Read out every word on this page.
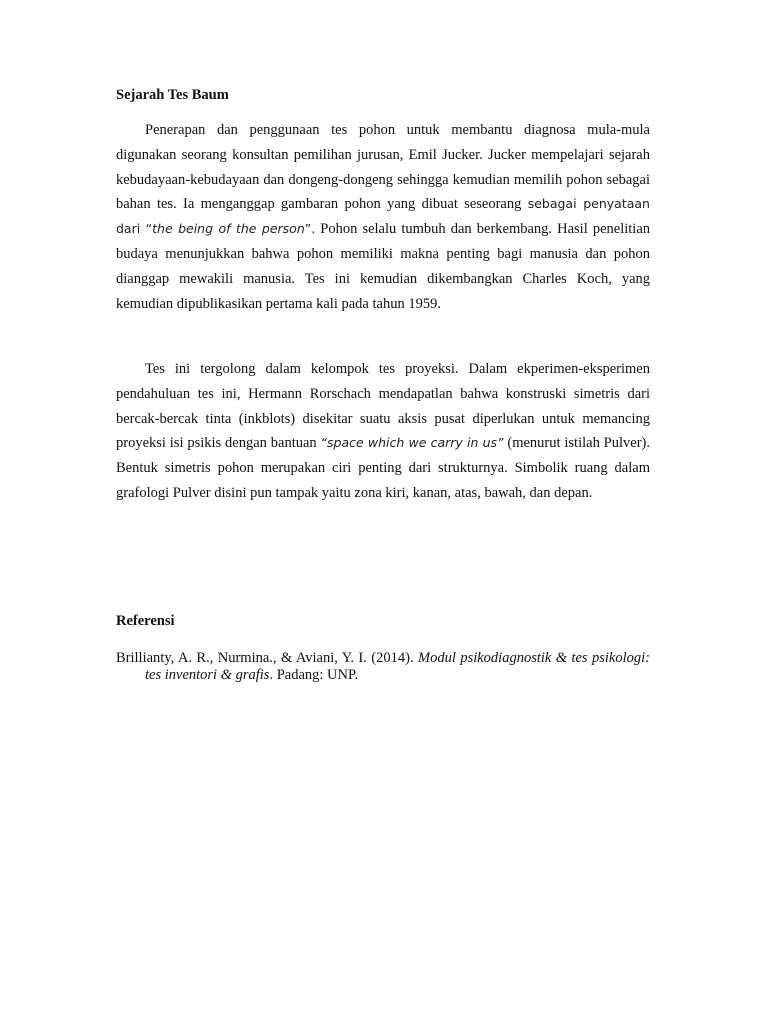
Sejarah Tes Baum

Penerapan dan penggunaan tes pohon untuk membantu diagnosa mula-mula digunakan seorang konsultan pemilihan jurusan, Emil Jucker. Jucker mempelajari sejarah kebudayaan-kebudayaan dan dongeng-dongeng sehingga kemudian memilih pohon sebagai bahan tes. Ia menganggap gambaran pohon yang dibuat seseorang sebagai penyataan dari “the being of the person”. Pohon selalu tumbuh dan berkembang. Hasil penelitian budaya menunjukkan bahwa pohon memiliki makna penting bagi manusia dan pohon dianggap mewakili manusia. Tes ini kemudian dikembangkan Charles Koch, yang kemudian dipublikasikan pertama kali pada tahun 1959.

Tes ini tergolong dalam kelompok tes proyeksi. Dalam ekperimen-eksperimen pendahuluan tes ini, Hermann Rorschach mendapatlan bahwa konstruski simetris dari bercak-bercak tinta (inkblots) disekitar suatu aksis pusat diperlukan untuk memancing proyeksi isi psikis dengan bantuan “space which we carry in us” (menurut istilah Pulver). Bentuk simetris pohon merupakan ciri penting dari strukturnya. Simbolik ruang dalam grafologi Pulver disini pun tampak yaitu zona kiri, kanan, atas, bawah, dan depan.

Referensi

Brillianty, A. R., Nurmina., & Aviani, Y. I. (2014). Modul psikodiagnostik & tes psikologi: tes inventori & grafis. Padang: UNP.
